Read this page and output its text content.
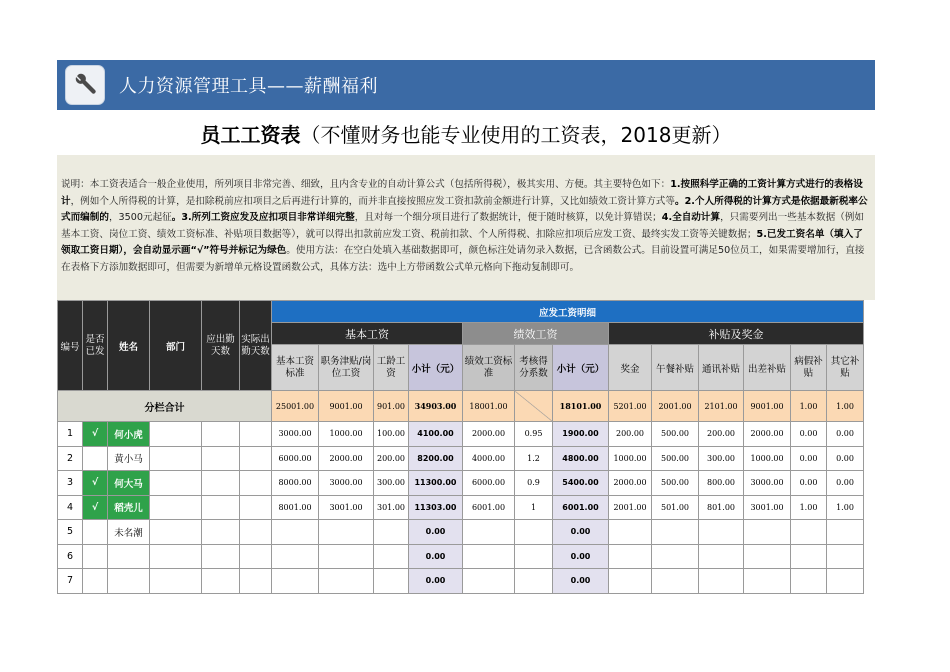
人力资源管理工具——薪酬福利
员工工资表（不懂财务也能专业使用的工资表，2018更新）
说明：本工资表适合一般企业使用，所列项目非常完善、细致，且内含专业的自动计算公式（包括所得税），极其实用、方便。其主要特色如下：1.按照科学正确的工资计算方式进行的表格设计，例如个人所得税的计算，是扣除税前应扣项目之后再进行计算的，而并非直接按照应发工资扣款前金额进行计算，又比如绩效工资计算方式等。2.个人所得税的计算方式是依据最新税率公式而编制的，3500元起征。3.所列工资应发及应扣项目非常详细完整，且对每一个细分项目进行了数据统计，便于随时核算，以免计算错误；4.全自动计算，只需要列出一些基本数据（例如基本工资、岗位工资、绩效工资标准、补贴项目数据等），就可以得出扣款前应发工资、税前扣款、个人所得税、扣除应扣项后应发工资、最终实发工资等关键数据；5.已发工资名单（填入了领取工资日期），会自动显示画“√”符号并标记为绿色。使用方法：在空白处填入基础数据即可，颜色标注处请勿录入数据，已含函数公式。目前设置可满足50位员工，如果需要增加行，直接在表格下方添加数据即可，但需要为新增单元格设置函数公式，具体方法：选中上方带函数公式单元格向下拖动复制即可。
编号	是否已发	姓名	部门	应出勤天数	实际出勤天数	应发工资明细												
						基本工资				绩效工资			补贴及奖金					
						基本工资标准	职务津贴/岗位工资	工龄工资	小计（元）	绩效工资标准	考核得分系数	小计（元）	奖金	午餐补贴	通讯补贴	出差补贴	病假补贴	其它补贴
分栏合计						25001.00	9001.00	901.00	34903.00	18001.00		18101.00	5201.00	2001.00	2101.00	9001.00	1.00	1.00
1	√	何小虎				3000.00	1000.00	100.00	4100.00	2000.00	0.95	1900.00	200.00	500.00	200.00	2000.00	0.00	0.00
2		黄小马				6000.00	2000.00	200.00	8200.00	4000.00	1.2	4800.00	1000.00	500.00	300.00	1000.00	0.00	0.00
3	√	何大马				8000.00	3000.00	300.00	11300.00	6000.00	0.9	5400.00	2000.00	500.00	800.00	3000.00	0.00	0.00
4	√	稻壳儿				8001.00	3001.00	301.00	11303.00	6001.00	1	6001.00	2001.00	501.00	801.00	3001.00	1.00	1.00
5		未名潮							0.00			0.00						
6									0.00			0.00						
7									0.00			0.00						
